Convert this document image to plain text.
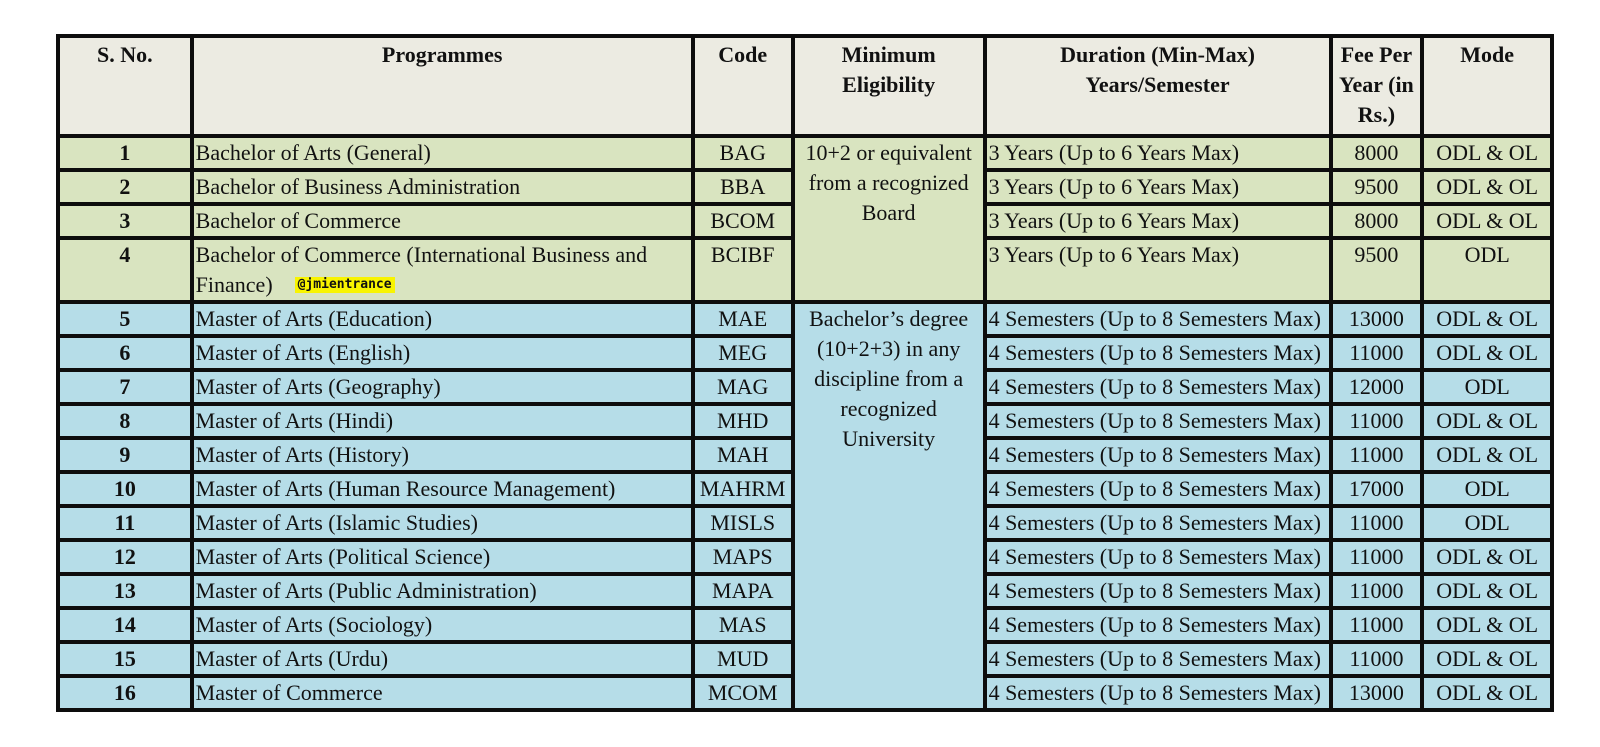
S. No.	Programmes	Code	Minimum Eligibility	Duration (Min-Max) Years/Semester	Fee Per Year (in Rs.)	Mode
1	Bachelor of Arts (General)	BAG	10+2 or equivalent from a recognized Board	3 Years (Up to 6 Years Max)	8000	ODL & OL
2	Bachelor of Business Administration	BBA		3 Years (Up to 6 Years Max)	9500	ODL & OL
3	Bachelor of Commerce	BCOM		3 Years (Up to 6 Years Max)	8000	ODL & OL
4	Bachelor of Commerce (International Business and Finance) @jmientrance	BCIBF		3 Years (Up to 6 Years Max)	9500	ODL
5	Master of Arts (Education)	MAE	Bachelor’s degree (10+2+3) in any discipline from a recognized University	4 Semesters (Up to 8 Semesters Max)	13000	ODL & OL
6	Master of Arts (English)	MEG		4 Semesters (Up to 8 Semesters Max)	11000	ODL & OL
7	Master of Arts (Geography)	MAG		4 Semesters (Up to 8 Semesters Max)	12000	ODL
8	Master of Arts (Hindi)	MHD		4 Semesters (Up to 8 Semesters Max)	11000	ODL & OL
9	Master of Arts (History)	MAH		4 Semesters (Up to 8 Semesters Max)	11000	ODL & OL
10	Master of Arts (Human Resource Management)	MAHRM		4 Semesters (Up to 8 Semesters Max)	17000	ODL
11	Master of Arts (Islamic Studies)	MISLS		4 Semesters (Up to 8 Semesters Max)	11000	ODL
12	Master of Arts (Political Science)	MAPS		4 Semesters (Up to 8 Semesters Max)	11000	ODL & OL
13	Master of Arts (Public Administration)	MAPA		4 Semesters (Up to 8 Semesters Max)	11000	ODL & OL
14	Master of Arts (Sociology)	MAS		4 Semesters (Up to 8 Semesters Max)	11000	ODL & OL
15	Master of Arts (Urdu)	MUD		4 Semesters (Up to 8 Semesters Max)	11000	ODL & OL
16	Master of Commerce	MCOM		4 Semesters (Up to 8 Semesters Max)	13000	ODL & OL
